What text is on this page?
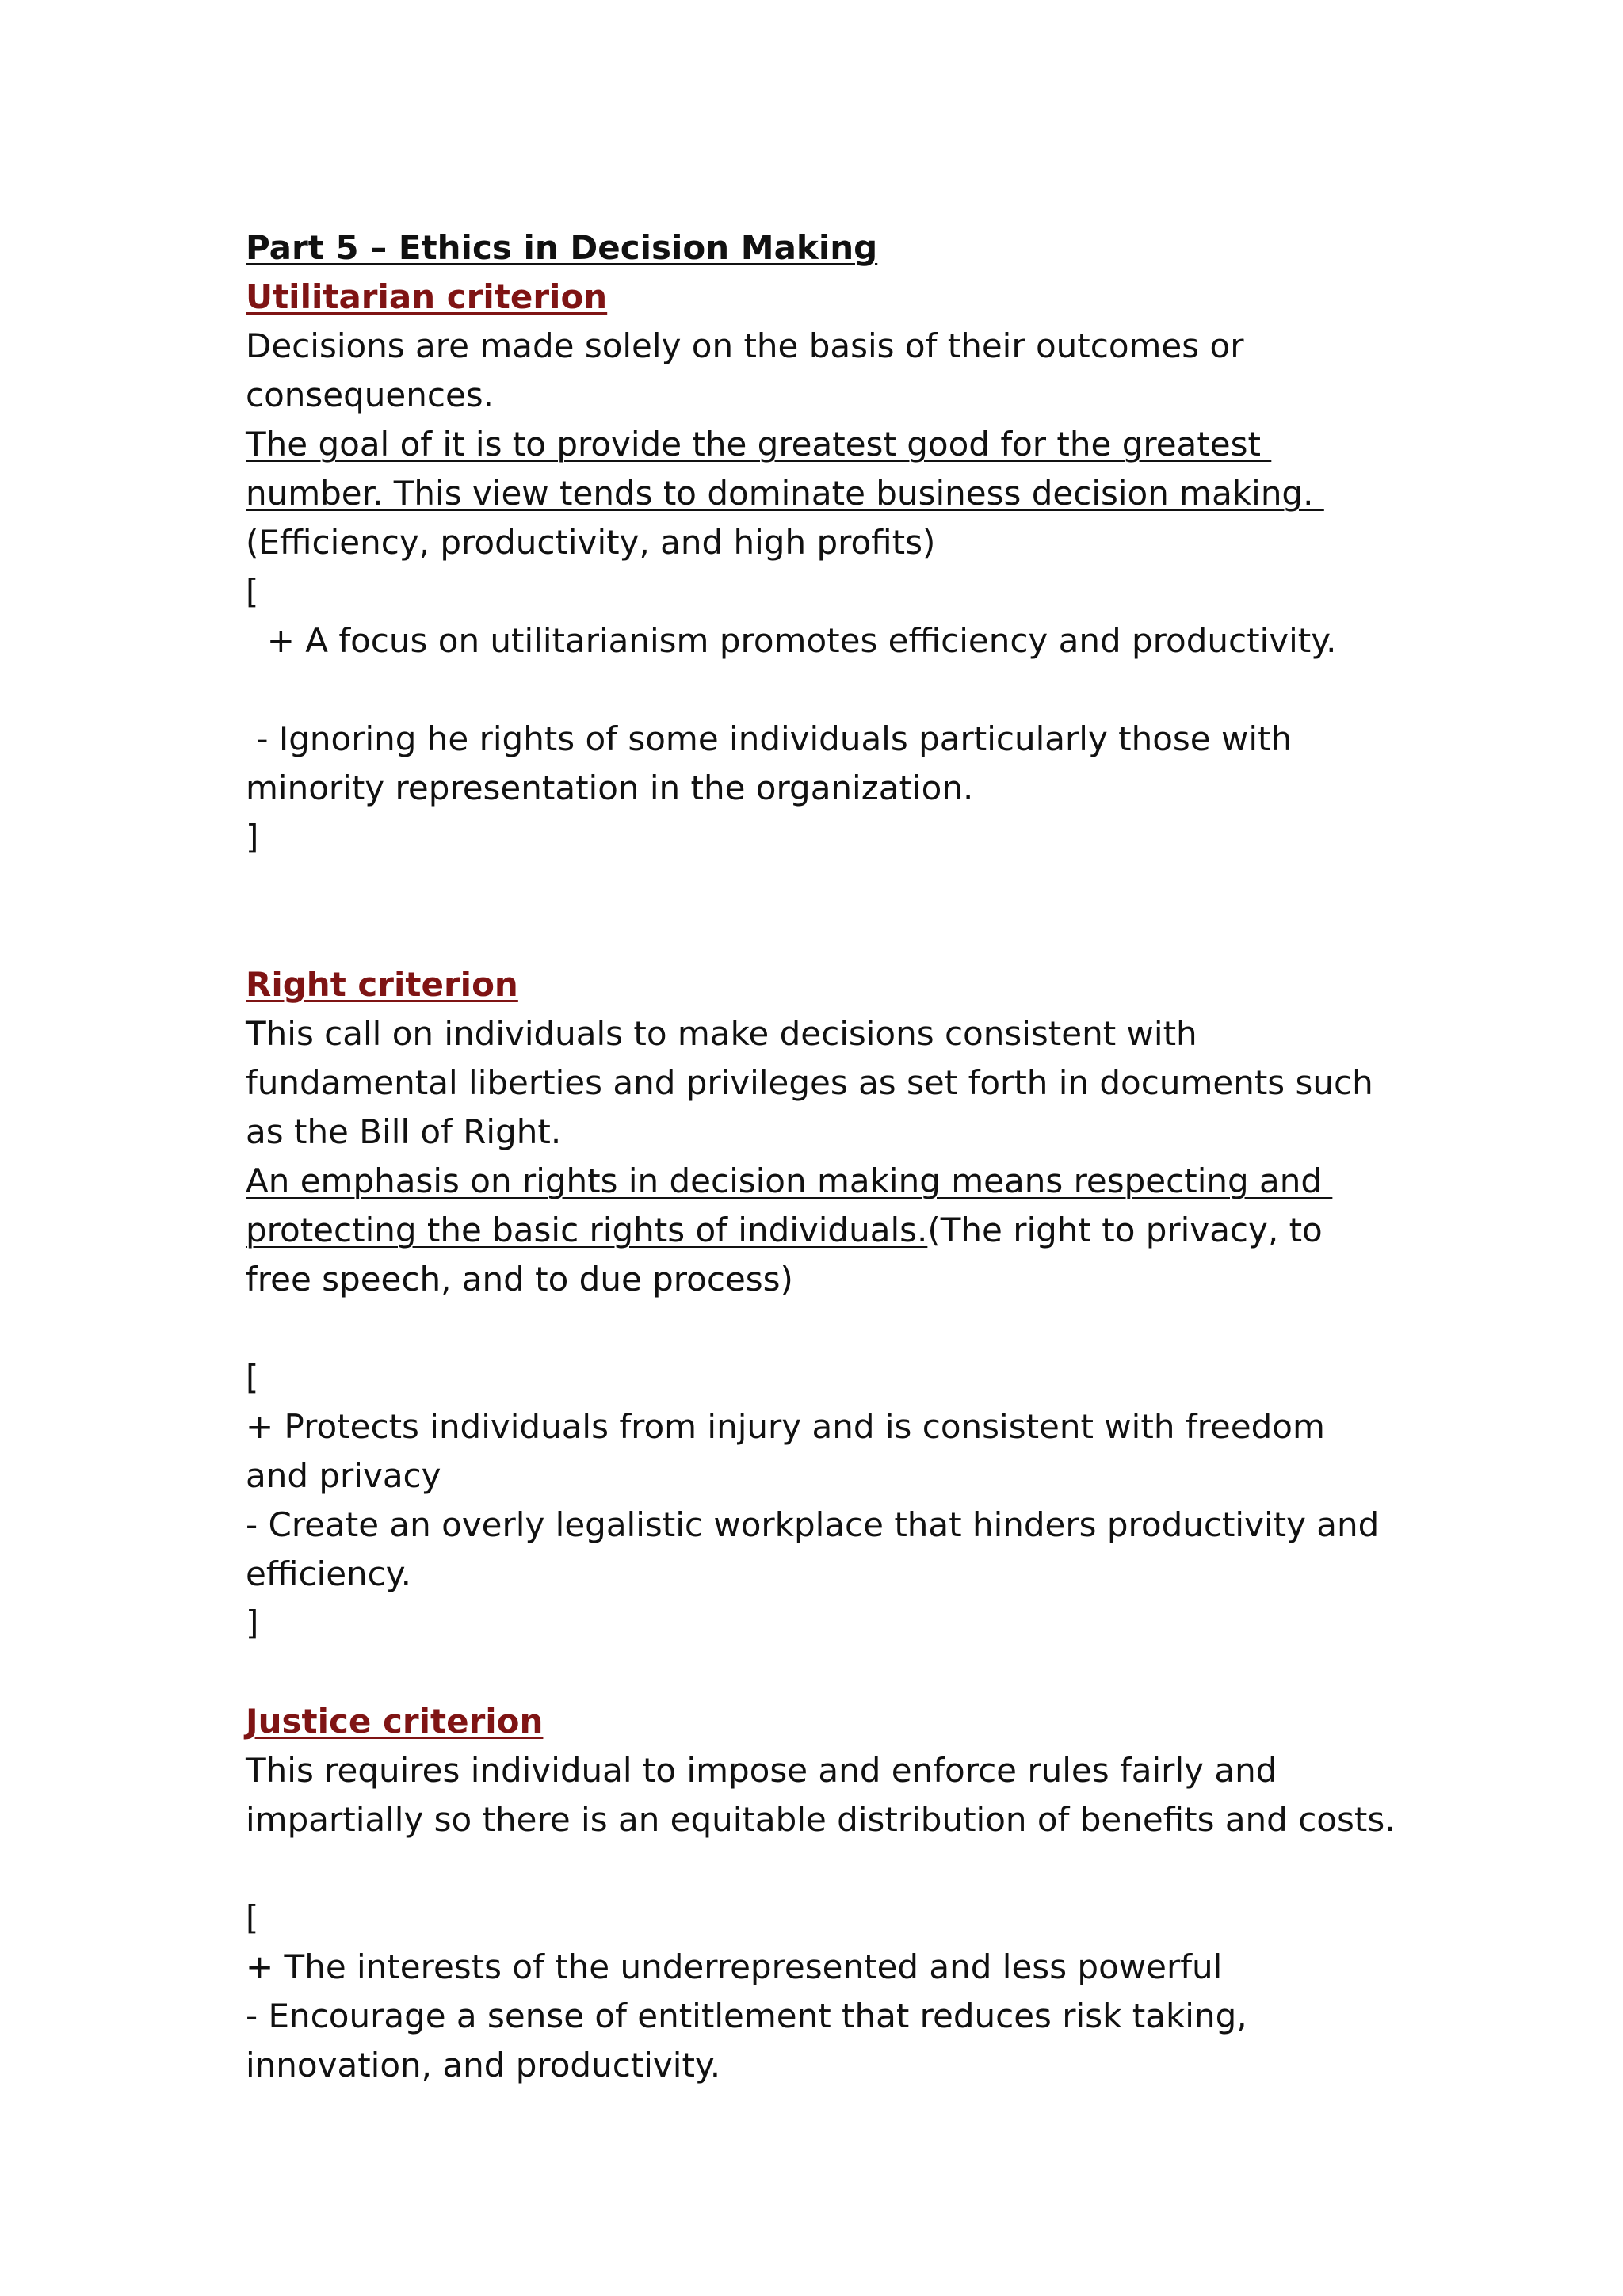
Part 5 – Ethics in Decision Making
Utilitarian criterion
Decisions are made solely on the basis of their outcomes or
consequences.
The goal of it is to provide the greatest good for the greatest
number. This view tends to dominate business decision making.
(Efficiency, productivity, and high profits)
[
+ A focus on utilitarianism promotes efficiency and productivity.
- Ignoring he rights of some individuals particularly those with
minority representation in the organization.
]
Right criterion
This call on individuals to make decisions consistent with
fundamental liberties and privileges as set forth in documents such
as the Bill of Right.
An emphasis on rights in decision making means respecting and
protecting the basic rights of individuals.(The right to privacy, to
free speech, and to due process)
[
+ Protects individuals from injury and is consistent with freedom
and privacy
- Create an overly legalistic workplace that hinders productivity and
efficiency.
]
Justice criterion
This requires individual to impose and enforce rules fairly and
impartially so there is an equitable distribution of benefits and costs.
[
+ The interests of the underrepresented and less powerful
- Encourage a sense of entitlement that reduces risk taking,
innovation, and productivity.
